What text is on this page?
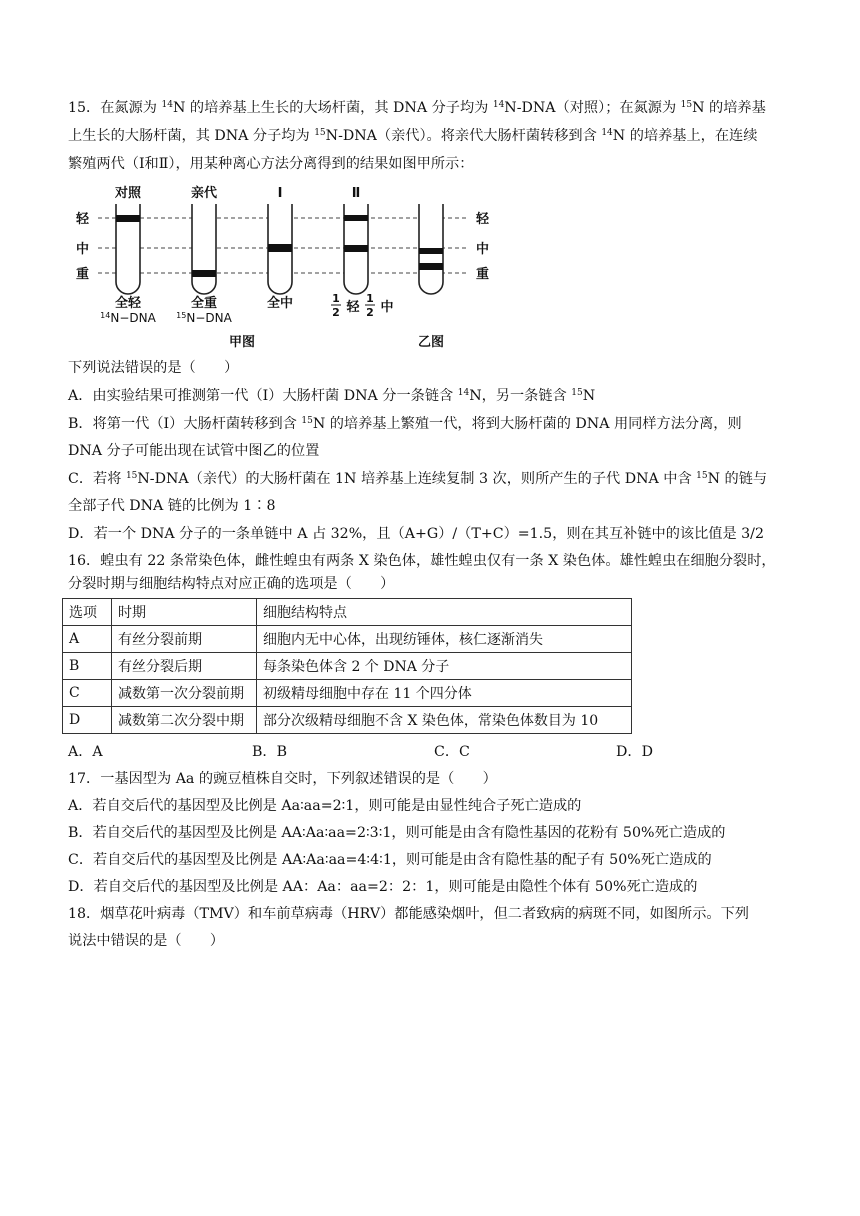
15．在氮源为 $^{14}$N 的培养基上生长的大场杆菌，其 DNA 分子均为 $^{14}$N-DNA（对照）；在氮源为 $^{15}$N 的培养基
上生长的大肠杆菌，其 DNA 分子均为 $^{15}$N-DNA（亲代）。将亲代大肠杆菌转移到含 $^{14}$N 的培养基上，在连续
繁殖两代（Ⅰ和Ⅱ），用某种离心方法分离得到的结果如图甲所示：
轻
中
重
轻
中
重
对照
全轻
$^{14}$N−DNA
亲代
全重
$^{15}$N−DNA
Ⅰ
全中
Ⅱ
1
2 轻
1
2 中
甲图	乙图
下列说法错误的是（　　）
A．由实验结果可推测第一代（Ⅰ）大肠杆菌 DNA 分一条链含 $^{14}$N，另一条链含 $^{15}$N
B．将第一代（Ⅰ）大肠杆菌转移到含 $^{15}$N 的培养基上繁殖一代，将到大肠杆菌的 DNA 用同样方法分离，则
DNA 分子可能出现在试管中图乙的位置
C．若将 $^{15}$N-DNA（亲代）的大肠杆菌在 1N 培养基上连续复制 3 次，则所产生的子代 DNA 中含 $^{15}$N 的链与
全部子代 DNA 链的比例为 1∶8
D．若一个 DNA 分子的一条单链中 A 占 32%，且（A+G）/（T+C）=1.5，则在其互补链中的该比值是 3/2
16．蝗虫有 22 条常染色体，雌性蝗虫有两条 X 染色体，雄性蝗虫仅有一条 X 染色体。雄性蝗虫在细胞分裂时，
分裂时期与细胞结构特点对应正确的选项是（　　）
选项	时期	细胞结构特点
A	有丝分裂前期	细胞内无中心体，出现纺锤体，核仁逐渐消失
B	有丝分裂后期	每条染色体含 2 个 DNA 分子
C	减数第一次分裂前期	初级精母细胞中存在 11 个四分体
D	减数第二次分裂中期	部分次级精母细胞不含 X 染色体，常染色体数目为 10
A．A	B．B	C．C	D．D
17．一基因型为 Aa 的豌豆植株自交时，下列叙述错误的是（　　）
A．若自交后代的基因型及比例是 Aa∶aa=2∶1，则可能是由显性纯合子死亡造成的
B．若自交后代的基因型及比例是 AA∶Aa∶aa=2∶3∶1，则可能是由含有隐性基因的花粉有 50%死亡造成的
C．若自交后代的基因型及比例是 AA∶Aa∶aa=4∶4∶1，则可能是由含有隐性基的配子有 50%死亡造成的
D．若自交后代的基因型及比例是 AA：Aa：aa=2：2：1，则可能是由隐性个体有 50%死亡造成的
18．烟草花叶病毒（TMV）和车前草病毒（HRV）都能感染烟叶，但二者致病的病斑不同，如图所示。下列
说法中错误的是（　　）
